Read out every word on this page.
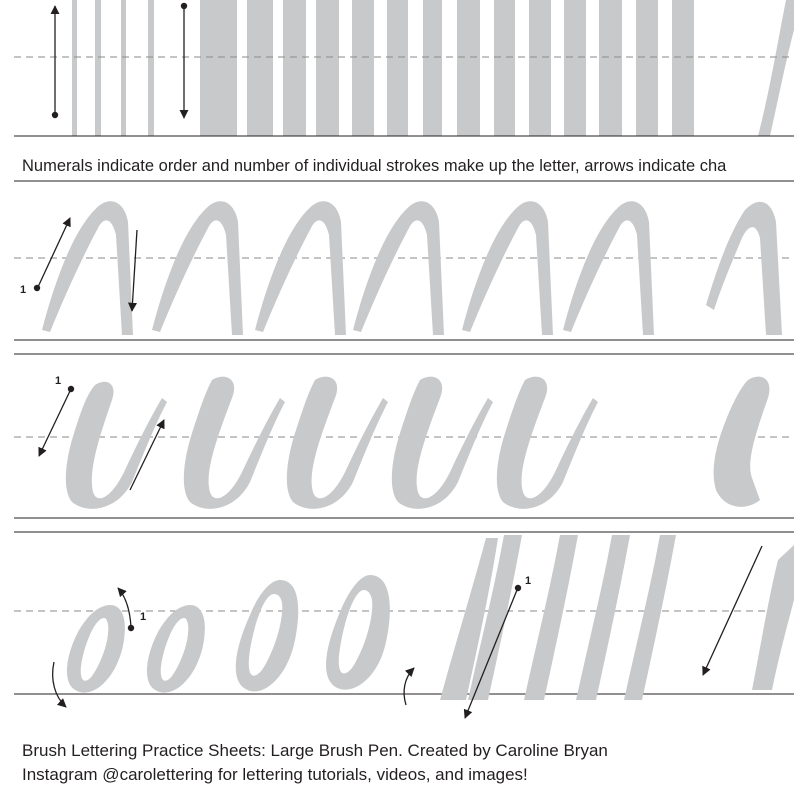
1
1
1
1
Numerals indicate order and number of individual strokes make up the letter, arrows indicate cha
Brush Lettering Practice Sheets: Large Brush Pen. Created by Caroline Bryan
Instagram @carolettering for lettering tutorials, videos, and images!
